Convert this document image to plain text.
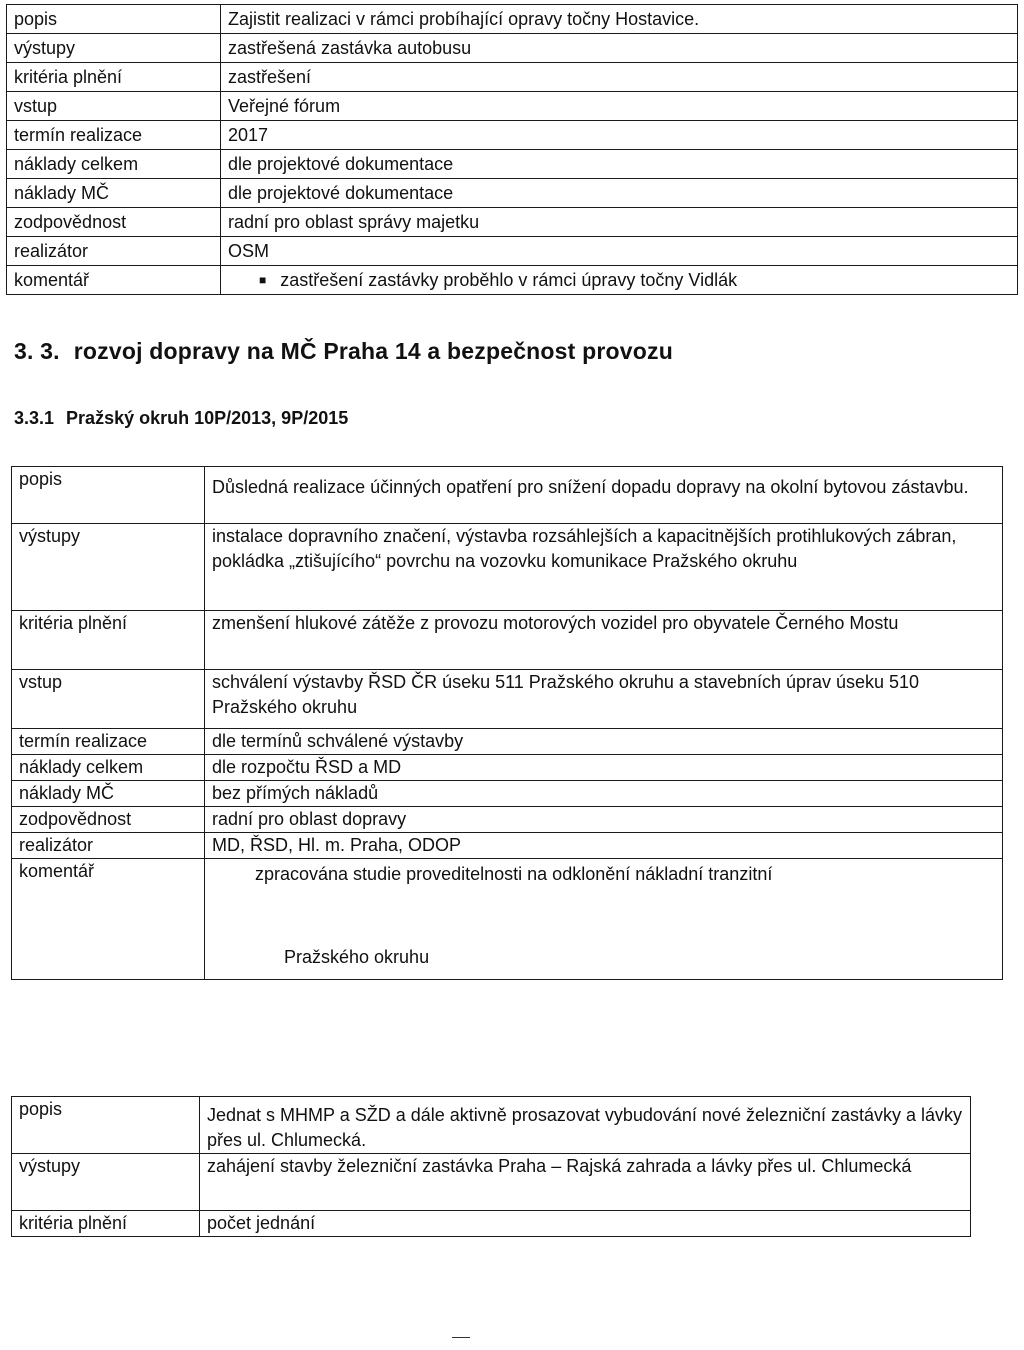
popis	Zajistit realizaci v rámci probíhající opravy točny Hostavice.
výstupy	zastřešená zastávka autobusu
kritéria plnění	zastřešení
vstup	Veřejné fórum
termín realizace	2017
náklady celkem	dle projektové dokumentace
náklady MČ	dle projektové dokumentace
zodpovědnost	radní pro oblast správy majetku
realizátor	OSM
komentář	■ zastřešení zastávky proběhlo v rámci úpravy točny Vidlák
3. 3. rozvoj dopravy na MČ Praha 14 a bezpečnost provozu
3.3.1 Pražský okruh 10P/2013, 9P/2015
popis	Důsledná realizace účinných opatření pro snížení dopadu dopravy na okolní bytovou zástavbu.
výstupy	instalace dopravního značení, výstavba rozsáhlejších a kapacitnějších protihlukových zábran, pokládka „ztišujícího“ povrchu na vozovku komunikace Pražského okruhu
kritéria plnění	zmenšení hlukové zátěže z provozu motorových vozidel pro obyvatele Černého Mostu
vstup	schválení výstavby ŘSD ČR úseku 511 Pražského okruhu a stavebních úprav úseku 510 Pražského okruhu
termín realizace	dle termínů schválené výstavby
náklady celkem	dle rozpočtu ŘSD a MD
náklady MČ	bez přímých nákladů
zodpovědnost	radní pro oblast dopravy
realizátor	MD, ŘSD, Hl. m. Praha, ODOP
komentář	zpracována studie proveditelnosti na odklonění nákladní tranzitní
Pražského okruhu
popis	Jednat s MHMP a SŽD a dále aktivně prosazovat vybudování nové železniční zastávky a lávky přes ul. Chlumecká.
výstupy	zahájení stavby železniční zastávka Praha – Rajská zahrada a lávky přes ul. Chlumecká
kritéria plnění	počet jednání
